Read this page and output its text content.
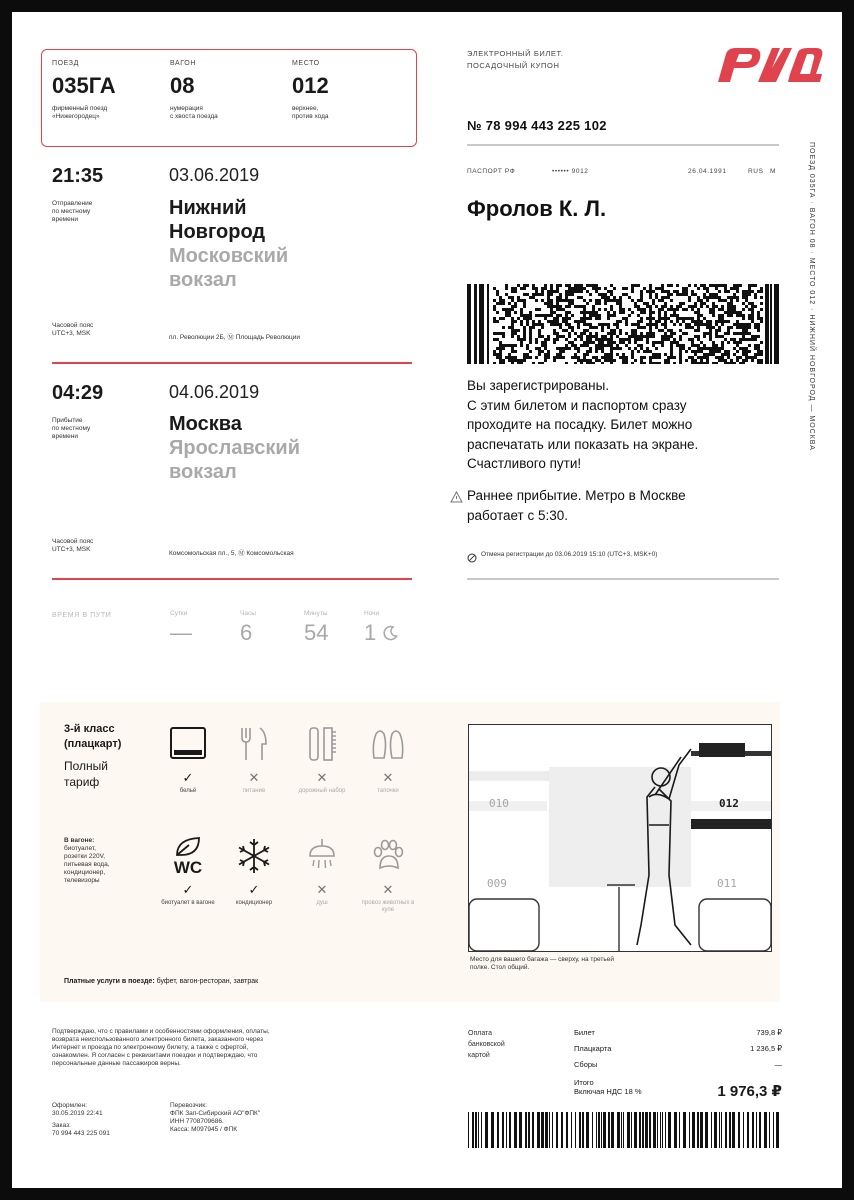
ПОЕЗД
035ГА
фирменный поезд
«Нижегородец»
ВАГОН
08
нумерация
с хвоста поезда
МЕСТО
012
верхнее,
против хода
ЭЛЕКТРОННЫЙ БИЛЕТ.
ПОСАДОЧНЫЙ КУПОН
№ 78 994 443 225 102
21:35
Отправление
по местному
времени
03.06.2019
Нижний
Новгород
Московский
вокзал
Часовой пояс
UTC+3, MSK
пл. Революции 2Б, Ⓜ Площадь Революции
04:29
Прибытие
по местному
времени
04.06.2019
Москва
Ярославский
вокзал
Часовой пояс
UTC+3, MSK
Комсомольская пл., 5, Ⓜ Комсомольская
ВРЕМЯ В ПУТИ	Сутки
—
Часы
6
Минуты
54
Ночи
1
ПАСПОРТ РФ	•••••• 9012	26.04.1991	RUS М
Фролов К. Л.
Вы зарегистрированы.
С этим билетом и паспортом сразу
проходите на посадку. Билет можно
распечатать или показать на экране.
Счастливого пути!
Раннее прибытие. Метро в Москве
работает с 5:30.
Отмена регистрации до 03.06.2019 15:10 (UTC+3, MSK+0)
ПОЕЗД 035ГА · ВАГОН 08 · МЕСТО 012 · НИЖНИЙ НОВГОРОД — МОСКВА
3-й класс
(плацкарт)
Полный
тариф
В вагоне:
биотуалет,
розетки 220V,
питьевая вода,
кондиционер,
телевизоры
✓
бельё
✕
питание
✕
дорожный набор
✕
тапочки
WC
✓
биотуалет в вагоне
✓
кондиционер
✕
душ
✕
провоз животных в купе
Платные услуги в поезде: буфет, вагон-ресторан, завтрак
010	012
009	011
Место для вашего багажа — сверху, на третьей
полке. Стол общий.
Подтверждаю, что с правилами и особенностями оформления, оплаты,
возврата неиспользованного электронного билета, заказанного через
Интернет и проезда по электронному билету, а также с офертой,
ознакомлен. Я согласен с реквизитами поездки и подтверждаю, что
персональные данные пассажиров верны.
Оформлен:
30.05.2019 22:41
Заказ:
70 994 443 225 091
Перевозчик:
ФПК Зап-Сибирский АО"ФПК"
ИНН 7708709686.
Касса: М097945 / ФПК
Оплата
банковской
картой
Билет	739,8 ₽
Плацкарта	1 236,5 ₽
Сборы	—
Итого
Включая НДС 18 %	1 976,3 ₽
